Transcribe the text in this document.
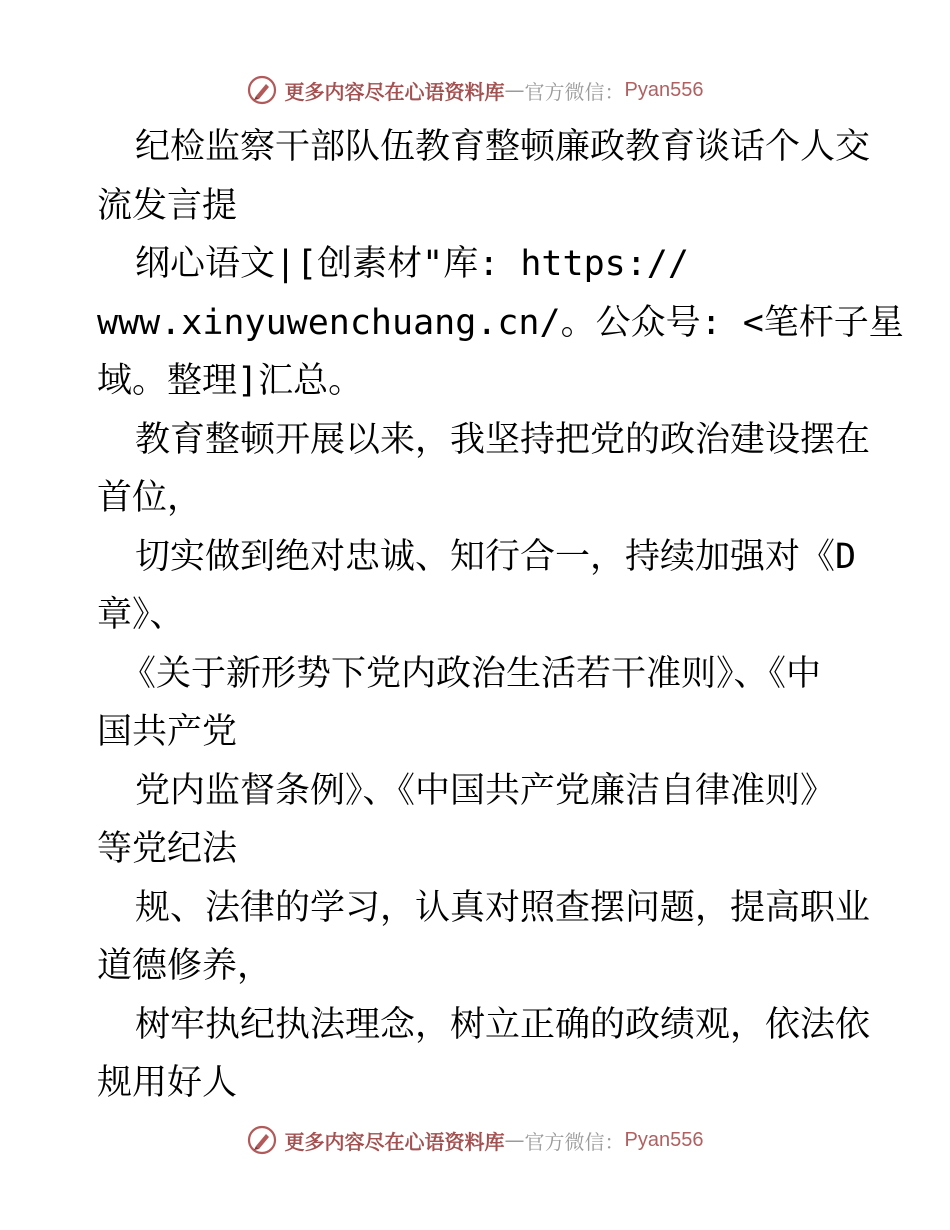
更多内容尽在心语资料库 — 官方微信： Pyan556
纪检监察干部队伍教育整顿廉政教育谈话个人交
流发言提
纲心语文|[创素材"库: https://
www.xinyuwenchuang.cn/。公众号: <笔杆子星
域。整理]汇总。
教育整顿开展以来，我坚持把党的政治建设摆在
首位，
切实做到绝对忠诚、知行合一，持续加强对《D
章》、
《关于新形势下党内政治生活若干准则》、《中
国共产党
党内监督条例》、《中国共产党廉洁自律准则》
等党纪法
规、法律的学习，认真对照查摆问题，提高职业
道德修养，
树牢执纪执法理念，树立正确的政绩观，依法依
规用好人
更多内容尽在心语资料库 — 官方微信： Pyan556
